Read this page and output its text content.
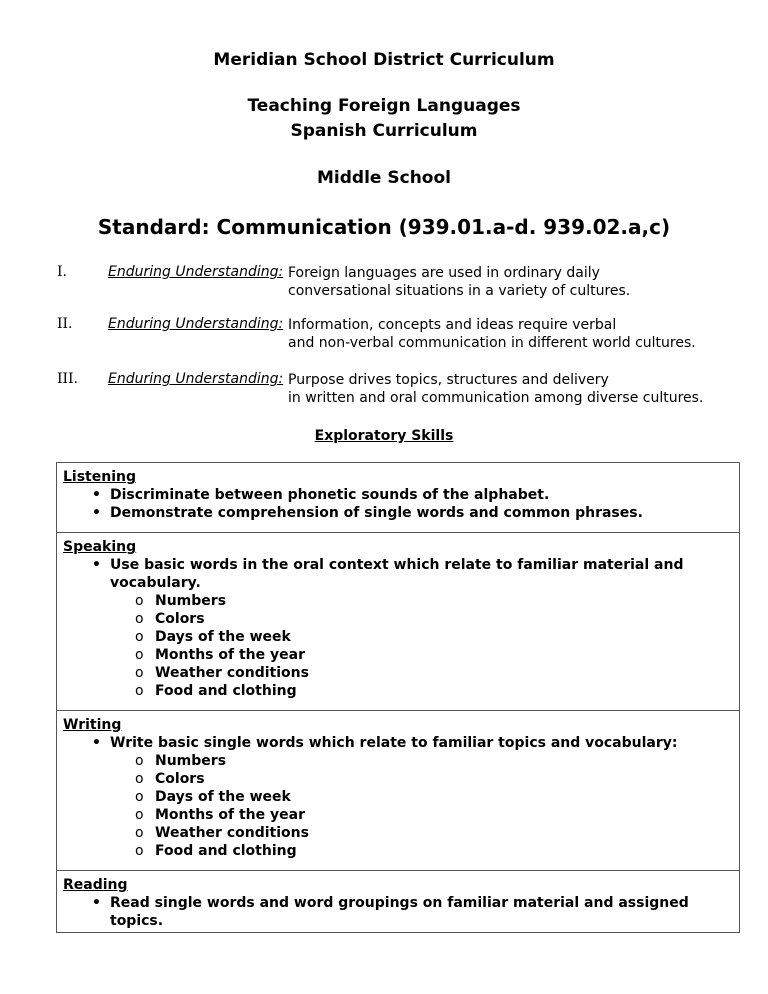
Meridian School District Curriculum
Teaching Foreign Languages
Spanish Curriculum
Middle School
Standard: Communication (939.01.a-d. 939.02.a,c)
I.	Enduring Understanding: Foreign languages are used in ordinary daily
conversational situations in a variety of cultures.
II.	Enduring Understanding: Information, concepts and ideas require verbal
and non-verbal communication in different world cultures.
III. Enduring Understanding: Purpose drives topics, structures and delivery
in written and oral communication among diverse cultures.
Exploratory Skills
Listening
• Discriminate between phonetic sounds of the alphabet.
• Demonstrate comprehension of single words and common phrases.

Speaking
• Use basic words in the oral context which relate to familiar material and vocabulary.
o Numbers
o Colors
o Days of the week
o Months of the year
o Weather conditions
o Food and clothing

Writing
• Write basic single words which relate to familiar topics and vocabulary:
o Numbers
o Colors
o Days of the week
o Months of the year
o Weather conditions
o Food and clothing

Reading
• Read single words and word groupings on familiar material and assigned topics.
